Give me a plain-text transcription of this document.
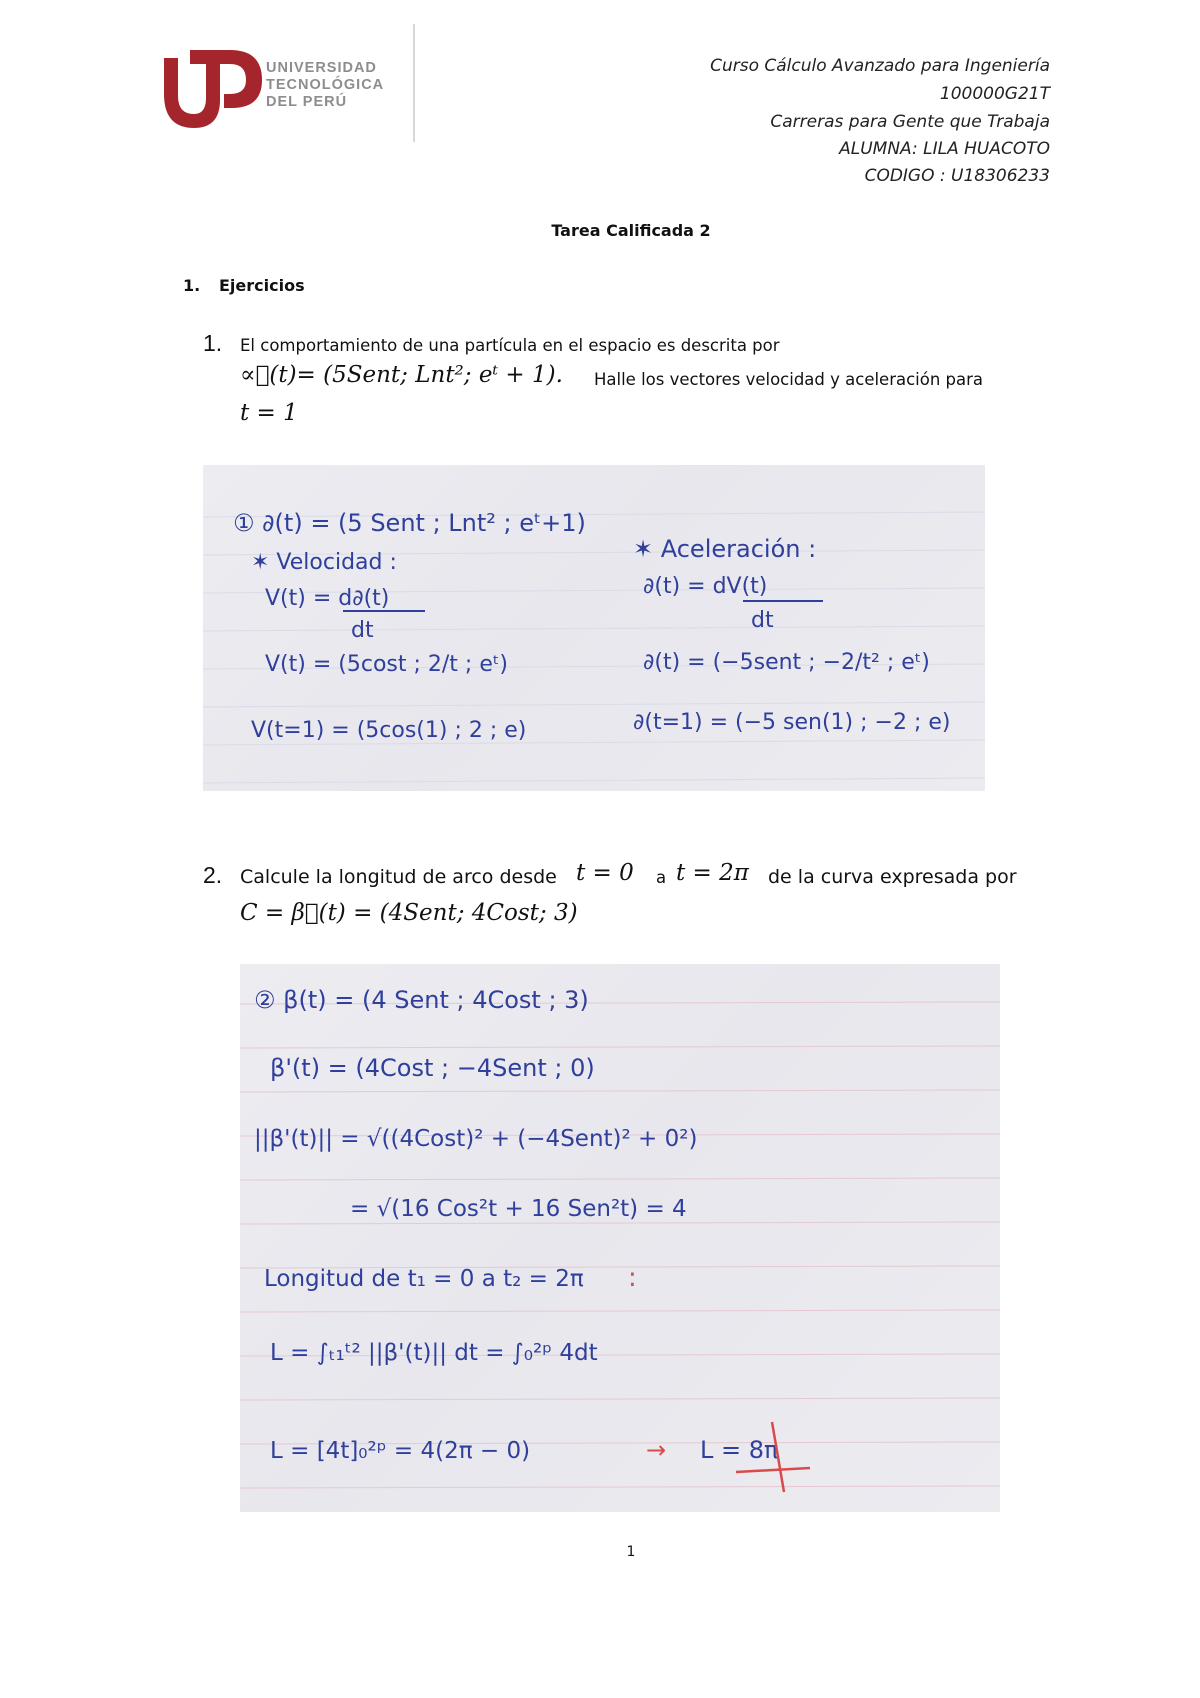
UNIVERSIDAD
TECNOLÓGICA
DEL PERÚ
Curso Cálculo Avanzado para Ingeniería
100000G21T
Carreras para Gente que Trabaja
ALUMNA: LILA HUACOTO
CODIGO : U18306233
Tarea Calificada 2
1. Ejercicios
1. El comportamiento de una partícula en el espacio es descrita por
∝⃗(t)= (5Sent; Lnt²; eᵗ + 1). Halle los vectores velocidad y aceleración para
t = 1
① ∂(t) = (5 Sent ; Lnt² ; eᵗ+1)
✶ Velocidad :
V(t) = d∂(t)
dt
V(t) = (5cost ; 2/t ; eᵗ)
V(t=1) = (5cos(1) ; 2 ; e)
✶ Aceleración :
∂(t) = dV(t)
dt
∂(t) = (−5sent ; −2/t² ; eᵗ)
∂(t=1) = (−5 sen(1) ; −2 ; e)
2. Calcule la longitud de arco desde t = 0 a t = 2π de la curva expresada por
C = β⃗(t) = (4Sent; 4Cost; 3)
② β(t) = (4 Sent ; 4Cost ; 3)
β'(t) = (4Cost ; −4Sent ; 0)
||β'(t)|| = √((4Cost)² + (−4Sent)² + 0²)
= √(16 Cos²t + 16 Sen²t) = 4
Longitud de t₁ = 0 a t₂ = 2π :
L = ∫ₜ₁ᵗ² ||β'(t)|| dt = ∫₀²ᵖ 4dt
L = [4t]₀²ᵖ = 4(2π − 0)	→ L = 8π
1
